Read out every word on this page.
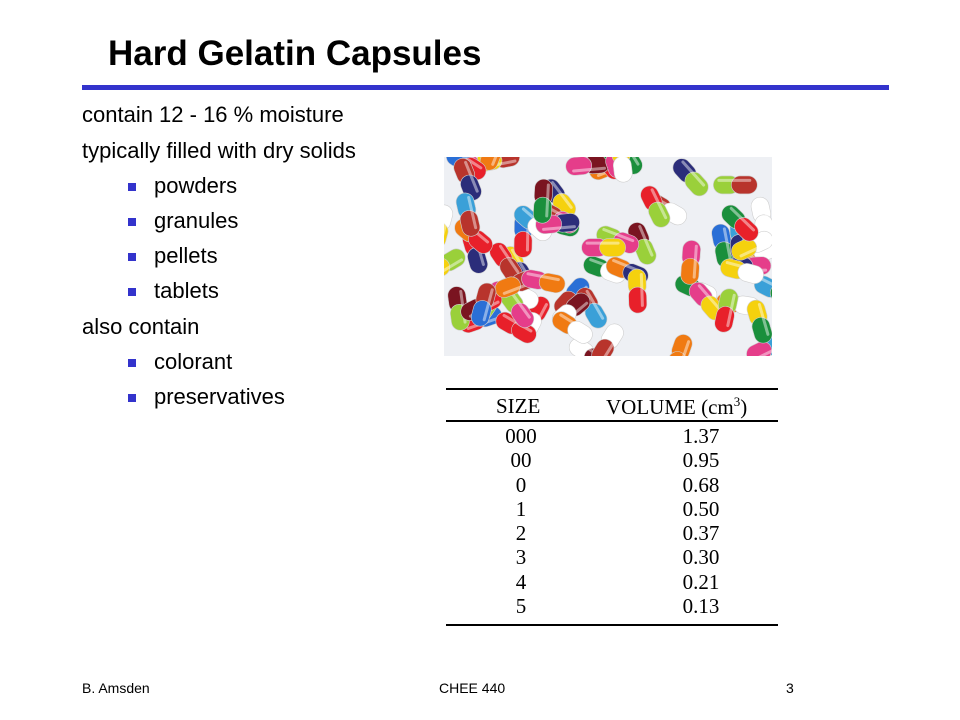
Hard Gelatin Capsules
contain 12 - 16 % moisture
typically filled with dry solids
powders
granules
pellets
tablets
also contain
colorant
preservatives	SIZE	VOLUME $(cm^3)$
000	1.37
00	0.95
0	0.68
1	0.50
2	0.37
3	0.30
4	0.21
5	0.13
B. Amsden	CHEE 440	3
